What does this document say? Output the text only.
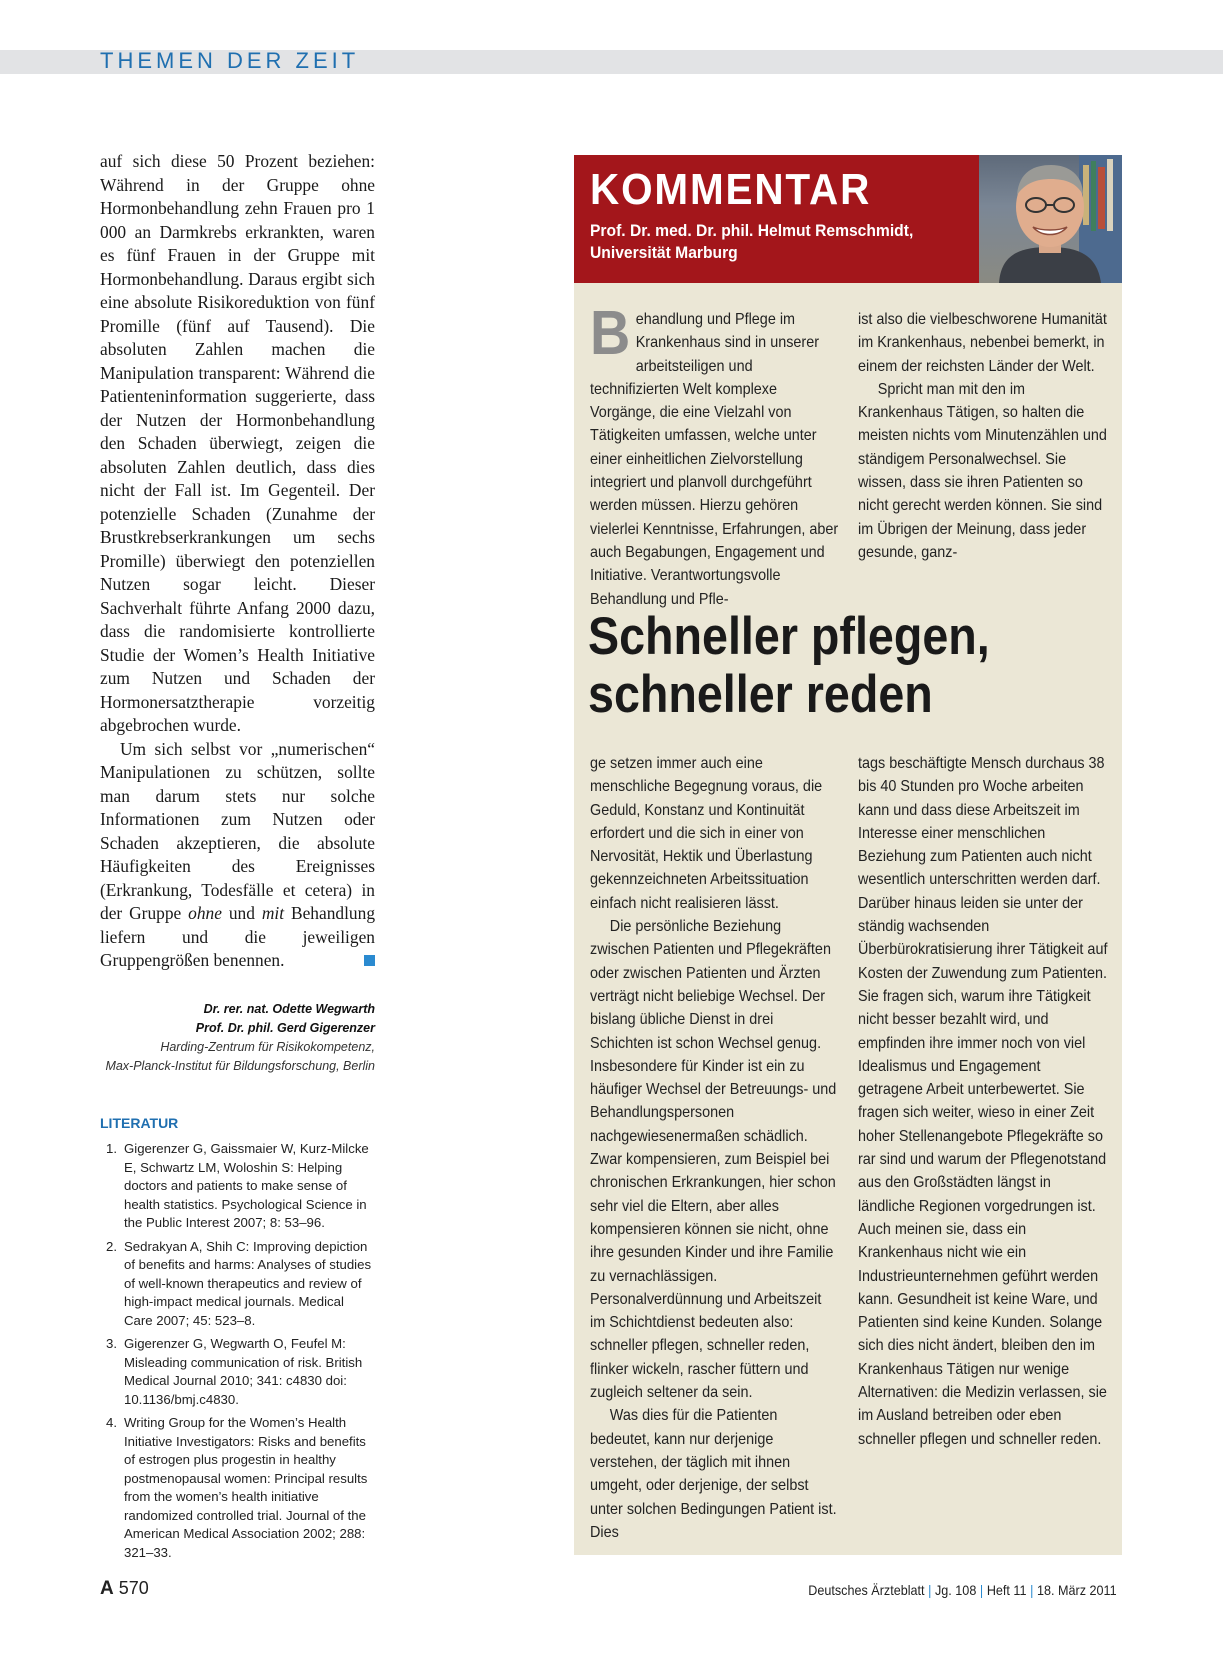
THEMEN DER ZEIT

auf sich diese 50 Prozent beziehen: Während in der Gruppe ohne Hormonbehandlung zehn Frauen pro 1 000 an Darmkrebs erkrankten, waren es fünf Frauen in der Gruppe mit Hormonbehandlung. Daraus ergibt sich eine absolute Risikoreduktion von fünf Promille (fünf auf Tausend). Die absoluten Zahlen machen die Manipulation transparent: Während die Patienteninformation suggerierte, dass der Nutzen der Hormonbehandlung den Schaden überwiegt, zeigen die absoluten Zahlen deutlich, dass dies nicht der Fall ist. Im Gegenteil. Der potenzielle Schaden (Zunahme der Brustkrebserkrankungen um sechs Promille) überwiegt den potenziellen Nutzen sogar leicht. Dieser Sachverhalt führte Anfang 2000 dazu, dass die randomisierte kontrollierte Studie der Women’s Health Initiative zum Nutzen und Schaden der Hormonersatztherapie vorzeitig abgebrochen wurde.

Um sich selbst vor „numerischen“ Manipulationen zu schützen, sollte man darum stets nur solche Informationen zum Nutzen oder Schaden akzeptieren, die absolute Häufigkeiten des Ereignisses (Erkrankung, Todesfälle et cetera) in der Gruppe ohne und mit Behandlung liefern und die jeweiligen Gruppengrößen benennen.

Dr. rer. nat. Odette Wegwarth
Prof. Dr. phil. Gerd Gigerenzer
Harding-Zentrum für Risikokompetenz,
Max-Planck-Institut für Bildungsforschung, Berlin
LITERATUR
1. Gigerenzer G, Gaissmaier W, Kurz-Milcke E, Schwartz LM, Woloshin S: Helping doctors and patients to make sense of health statistics. Psychological Science in the Public Interest 2007; 8: 53–96.
2. Sedrakyan A, Shih C: Improving depiction of benefits and harms: Analyses of studies of well-known therapeutics and review of high-impact medical journals. Medical Care 2007; 45: 523–8.
3. Gigerenzer G, Wegwarth O, Feufel M: Misleading communication of risk. British Medical Journal 2010; 341: c4830 doi: 10.1136/bmj.c4830.
4. Writing Group for the Women’s Health Initiative Investigators: Risks and benefits of estrogen plus progestin in healthy postmenopausal women: Principal results from the women’s health initiative randomized controlled trial. Journal of the American Medical Association 2002; 288: 321–33.
KOMMENTAR
Prof. Dr. med. Dr. phil. Helmut Remschmidt,
Universität Marburg
B ehandlung und Pflege im Krankenhaus sind in unserer arbeitsteiligen und technifizierten Welt komplexe Vorgänge, die eine Vielzahl von Tätigkeiten umfassen, welche unter einer einheitlichen Zielvorstellung integriert und planvoll durchgeführt werden müssen. Hierzu gehören vielerlei Kenntnisse, Erfahrungen, aber auch Begabungen, Engagement und Initiative. Verantwortungsvolle Behandlung und Pfle-

ist also die vielbeschworene Humanität im Krankenhaus, nebenbei bemerkt, in einem der reichsten Länder der Welt.

Spricht man mit den im Krankenhaus Tätigen, so halten die meisten nichts vom Minutenzählen und ständigem Personalwechsel. Sie wissen, dass sie ihren Patienten so nicht gerecht werden können. Sie sind im Übrigen der Meinung, dass jeder gesunde, ganz-

Schneller pflegen,
schneller reden

ge setzen immer auch eine menschliche Begegnung voraus, die Geduld, Konstanz und Kontinuität erfordert und die sich in einer von Nervosität, Hektik und Überlastung gekennzeichneten Arbeitssituation einfach nicht realisieren lässt.

Die persönliche Beziehung zwischen Patienten und Pflegekräften oder zwischen Patienten und Ärzten verträgt nicht beliebige Wechsel. Der bislang übliche Dienst in drei Schichten ist schon Wechsel genug. Insbesondere für Kinder ist ein zu häufiger Wechsel der Betreuungs- und Behandlungspersonen nachgewiesenermaßen schädlich. Zwar kompensieren, zum Beispiel bei chronischen Erkrankungen, hier schon sehr viel die Eltern, aber alles kompensieren können sie nicht, ohne ihre gesunden Kinder und ihre Familie zu vernachlässigen. Personalverdünnung und Arbeitszeit im Schichtdienst bedeuten also: schneller pflegen, schneller reden, flinker wickeln, rascher füttern und zugleich seltener da sein.

Was dies für die Patienten bedeutet, kann nur derjenige verstehen, der täglich mit ihnen umgeht, oder derjenige, der selbst unter solchen Bedingungen Patient ist. Dies

tags beschäftigte Mensch durchaus 38 bis 40 Stunden pro Woche arbeiten kann und dass diese Arbeitszeit im Interesse einer menschlichen Beziehung zum Patienten auch nicht wesentlich unterschritten werden darf. Darüber hinaus leiden sie unter der ständig wachsenden Überbürokratisierung ihrer Tätigkeit auf Kosten der Zuwendung zum Patienten. Sie fragen sich, warum ihre Tätigkeit nicht besser bezahlt wird, und empfinden ihre immer noch von viel Idealismus und Engagement getragene Arbeit unterbewertet. Sie fragen sich weiter, wieso in einer Zeit hoher Stellenangebote Pflegekräfte so rar sind und warum der Pflegenotstand aus den Großstädten längst in ländliche Regionen vorgedrungen ist. Auch meinen sie, dass ein Krankenhaus nicht wie ein Industrieunternehmen geführt werden kann. Gesundheit ist keine Ware, und Patienten sind keine Kunden. Solange sich dies nicht ändert, bleiben den im Krankenhaus Tätigen nur wenige Alternativen: die Medizin verlassen, sie im Ausland betreiben oder eben schneller pflegen und schneller reden.

A 570	Deutsches Ärzteblatt | Jg. 108 | Heft 11 | 18. März 2011
